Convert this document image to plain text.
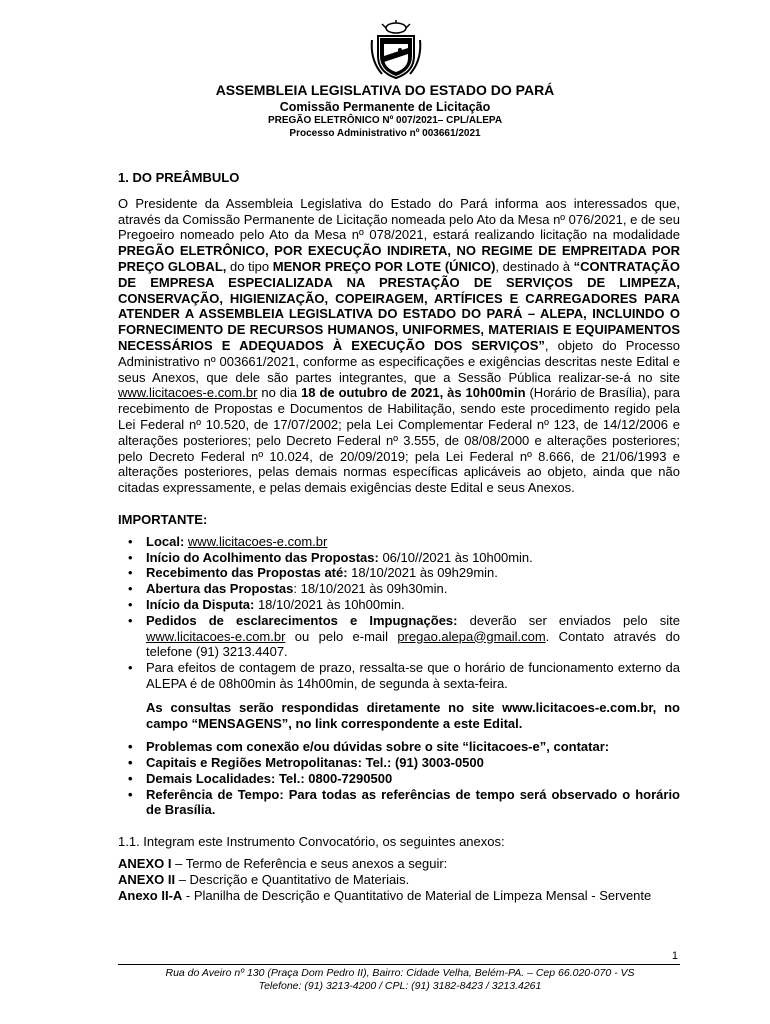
ASSEMBLEIA LEGISLATIVA DO ESTADO DO PARÁ
Comissão Permanente de Licitação
PREGÃO ELETRÔNICO Nº 007/2021– CPL/ALEPA
Processo Administrativo nº 003661/2021

1. DO PREÂMBULO

O Presidente da Assembleia Legislativa do Estado do Pará informa aos interessados que, através da Comissão Permanente de Licitação nomeada pelo Ato da Mesa nº 076/2021, e de seu Pregoeiro nomeado pelo Ato da Mesa nº 078/2021, estará realizando licitação na modalidade PREGÃO ELETRÔNICO, POR EXECUÇÃO INDIRETA, NO REGIME DE EMPREITADA POR PREÇO GLOBAL, do tipo MENOR PREÇO POR LOTE (ÚNICO), destinado à “CONTRATAÇÃO DE EMPRESA ESPECIALIZADA NA PRESTAÇÃO DE SERVIÇOS DE LIMPEZA, CONSERVAÇÃO, HIGIENIZAÇÃO, COPEIRAGEM, ARTÍFICES E CARREGADORES PARA ATENDER A ASSEMBLEIA LEGISLATIVA DO ESTADO DO PARÁ – ALEPA, INCLUINDO O FORNECIMENTO DE RECURSOS HUMANOS, UNIFORMES, MATERIAIS E EQUIPAMENTOS NECESSÁRIOS E ADEQUADOS À EXECUÇÃO DOS SERVIÇOS”, objeto do Processo Administrativo nº 003661/2021, conforme as especificações e exigências descritas neste Edital e seus Anexos, que dele são partes integrantes, que a Sessão Pública realizar-se-á no site www.licitacoes-e.com.br no dia 18 de outubro de 2021, às 10h00min (Horário de Brasília), para recebimento de Propostas e Documentos de Habilitação, sendo este procedimento regido pela Lei Federal nº 10.520, de 17/07/2002; pela Lei Complementar Federal nº 123, de 14/12/2006 e alterações posteriores; pelo Decreto Federal nº 3.555, de 08/08/2000 e alterações posteriores; pelo Decreto Federal nº 10.024, de 20/09/2019; pela Lei Federal nº 8.666, de 21/06/1993 e alterações posteriores, pelas demais normas específicas aplicáveis ao objeto, ainda que não citadas expressamente, e pelas demais exigências deste Edital e seus Anexos.

IMPORTANTE:

• Local: www.licitacoes-e.com.br
• Início do Acolhimento das Propostas: 06/10//2021 às 10h00min.
• Recebimento das Propostas até: 18/10/2021 às 09h29min.
• Abertura das Propostas: 18/10/2021 às 09h30min.
• Início da Disputa: 18/10/2021 às 10h00min.
• Pedidos de esclarecimentos e Impugnações: deverão ser enviados pelo site www.licitacoes-e.com.br ou pelo e-mail pregao.alepa@gmail.com. Contato através do telefone (91) 3213.4407.
• Para efeitos de contagem de prazo, ressalta-se que o horário de funcionamento externo da ALEPA é de 08h00min às 14h00min, de segunda à sexta-feira.

As consultas serão respondidas diretamente no site www.licitacoes-e.com.br, no campo “MENSAGENS”, no link correspondente a este Edital.

• Problemas com conexão e/ou dúvidas sobre o site “licitacoes-e”, contatar:
• Capitais e Regiões Metropolitanas: Tel.: (91) 3003-0500
• Demais Localidades: Tel.: 0800-7290500
• Referência de Tempo: Para todas as referências de tempo será observado o horário de Brasília.

1.1. Integram este Instrumento Convocatório, os seguintes anexos:

ANEXO I – Termo de Referência e seus anexos a seguir:

ANEXO II – Descrição e Quantitativo de Materiais.

Anexo II-A - Planilha de Descrição e Quantitativo de Material de Limpeza Mensal - Servente

1
Rua do Aveiro nº 130 (Praça Dom Pedro II), Bairro: Cidade Velha, Belém-PA. – Cep 66.020-070 - VS
Telefone: (91) 3213-4200 / CPL: (91) 3182-8423 / 3213.4261
